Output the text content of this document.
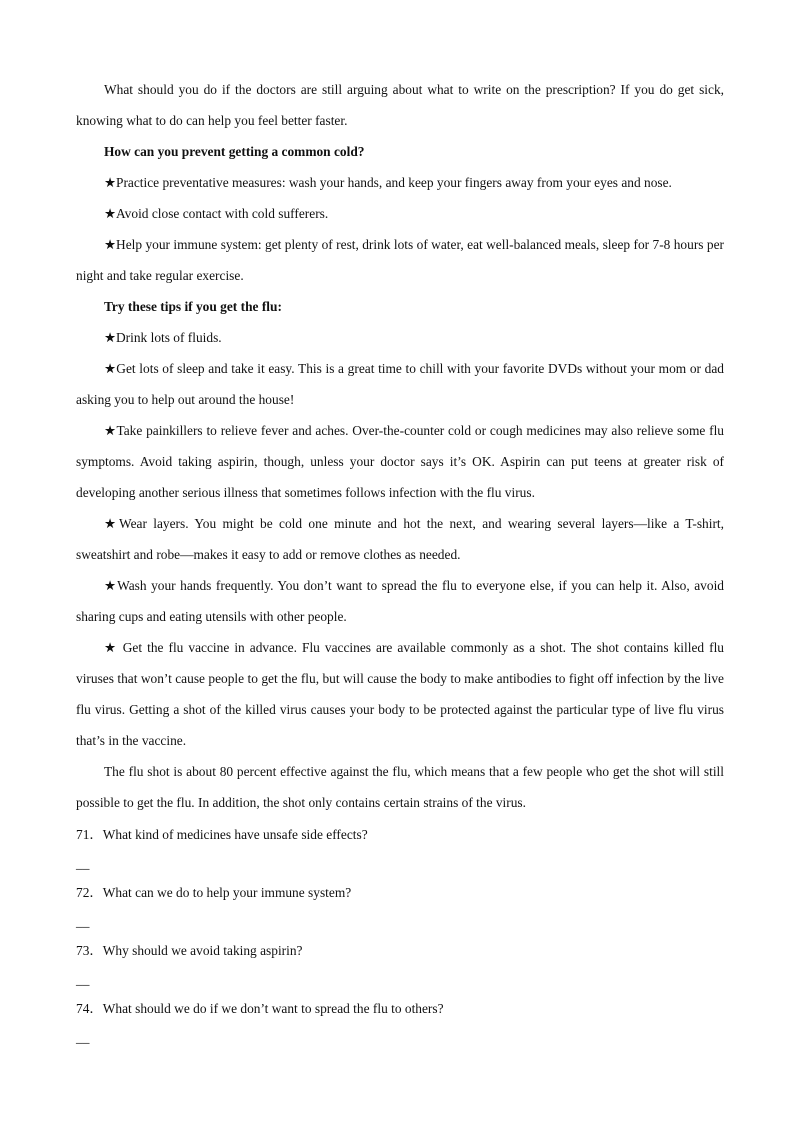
What should you do if the doctors are still arguing about what to write on the prescription? If you do get sick, knowing what to do can help you feel better faster.

How can you prevent getting a common cold?

★Practice preventative measures: wash your hands, and keep your fingers away from your eyes and nose.

★Avoid close contact with cold sufferers.

★Help your immune system: get plenty of rest, drink lots of water, eat well-balanced meals, sleep for 7-8 hours per night and take regular exercise.

Try these tips if you get the flu:

★Drink lots of fluids.

★Get lots of sleep and take it easy. This is a great time to chill with your favorite DVDs without your mom or dad asking you to help out around the house!

★Take painkillers to relieve fever and aches. Over-the-counter cold or cough medicines may also relieve some flu symptoms. Avoid taking aspirin, though, unless your doctor says it’s OK. Aspirin can put teens at greater risk of developing another serious illness that sometimes follows infection with the flu virus.

★Wear layers. You might be cold one minute and hot the next, and wearing several layers—like a T-shirt, sweatshirt and robe—makes it easy to add or remove clothes as needed.

★Wash your hands frequently. You don’t want to spread the flu to everyone else, if you can help it. Also, avoid sharing cups and eating utensils with other people.

★ Get the flu vaccine in advance. Flu vaccines are available commonly as a shot. The shot contains killed flu viruses that won’t cause people to get the flu, but will cause the body to make antibodies to fight off infection by the live flu virus. Getting a shot of the killed virus causes your body to be protected against the particular type of live flu virus that’s in the vaccine.

The flu shot is about 80 percent effective against the flu, which means that a few people who get the shot will still possible to get the flu. In addition, the shot only contains certain strains of the virus.

71．What kind of medicines have unsafe side effects?

__

72．What can we do to help your immune system?

__

73．Why should we avoid taking aspirin?

__

74．What should we do if we don’t want to spread the flu to others?

__
